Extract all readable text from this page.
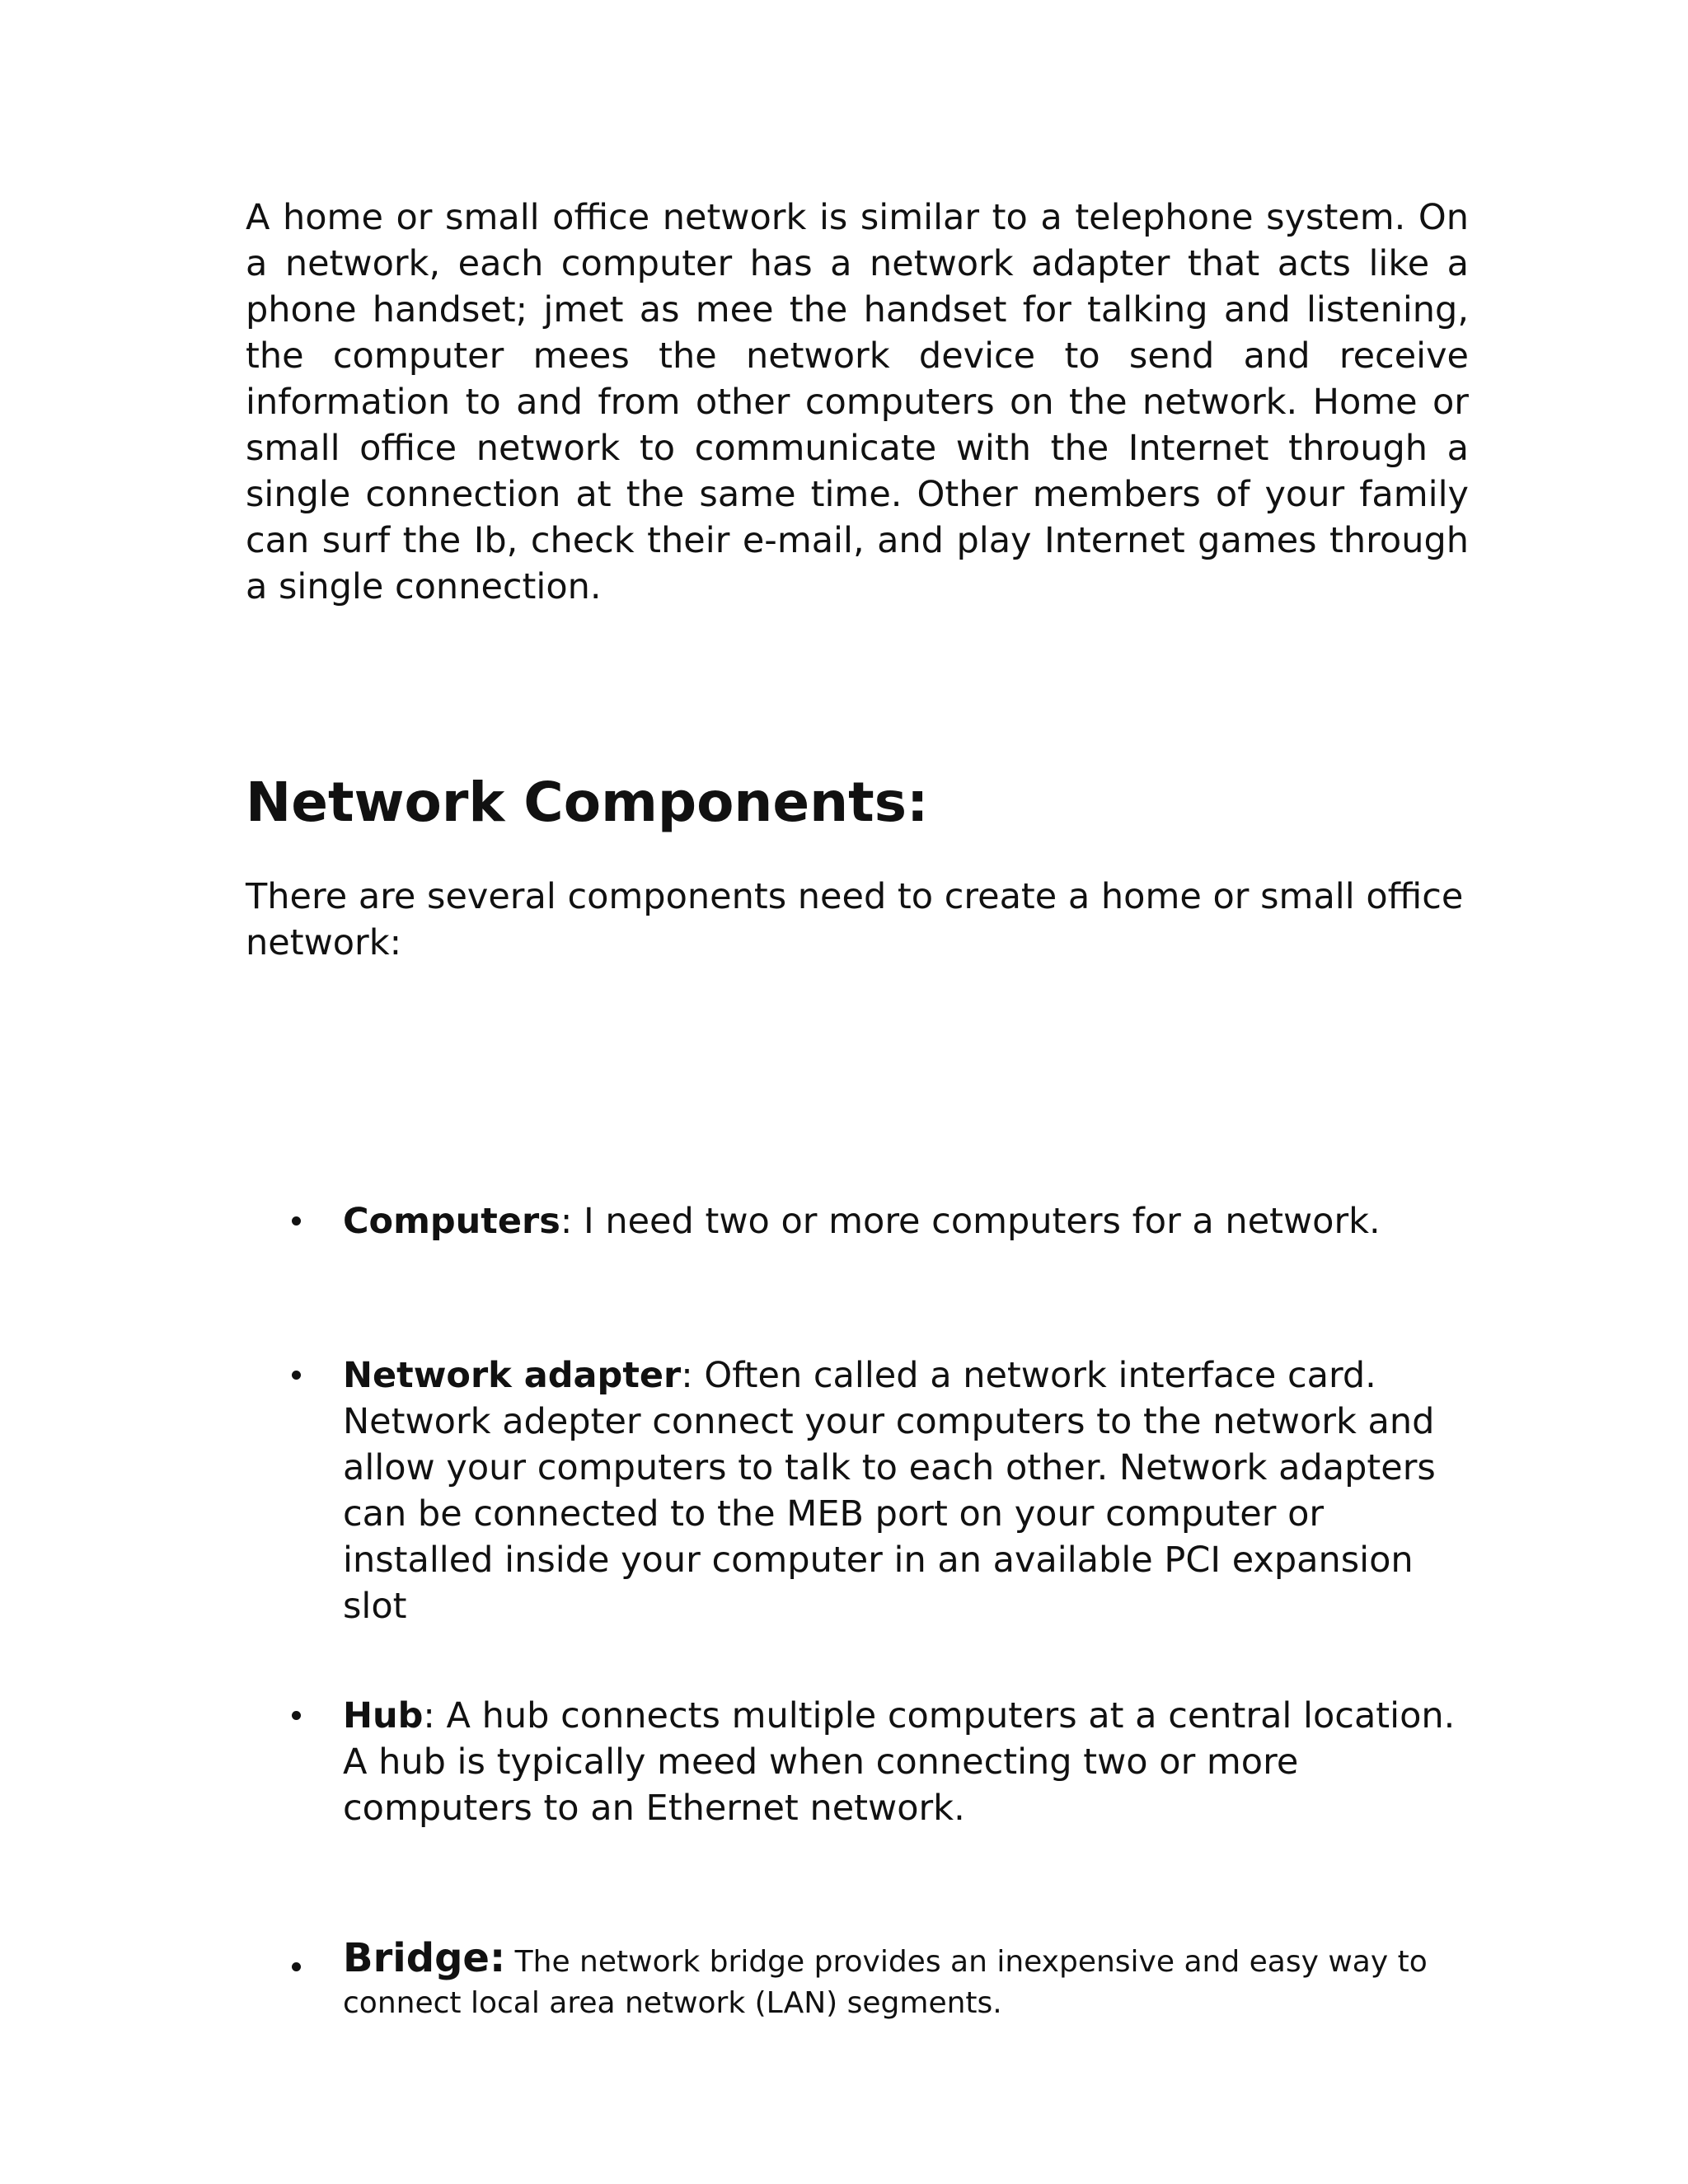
A home or small office network is similar to a telephone system. On a network, each computer has a network adapter that acts like a phone handset; jmet as mee the handset for talking and listening, the computer mees the network device to send and receive information to and from other computers on the network. Home or small office network to communicate with the Internet through a single connection at the same time. Other members of your family can surf the Ib, check their e-mail, and play Internet games through a single connection.

Network Components:

There are several components need to create a home or small office network:

Computers: I need two or more computers for a network.
Network adapter: Often called a network interface card. Network adepter connect your computers to the network and allow your computers to talk to each other. Network adapters can be connected to the MEB port on your computer or installed inside your computer in an available PCI expansion slot
Hub: A hub connects multiple computers at a central location. A hub is typically meed when connecting two or more computers to an Ethernet network.
Bridge: The network bridge provides an inexpensive and easy way to connect local area network (LAN) segments.
